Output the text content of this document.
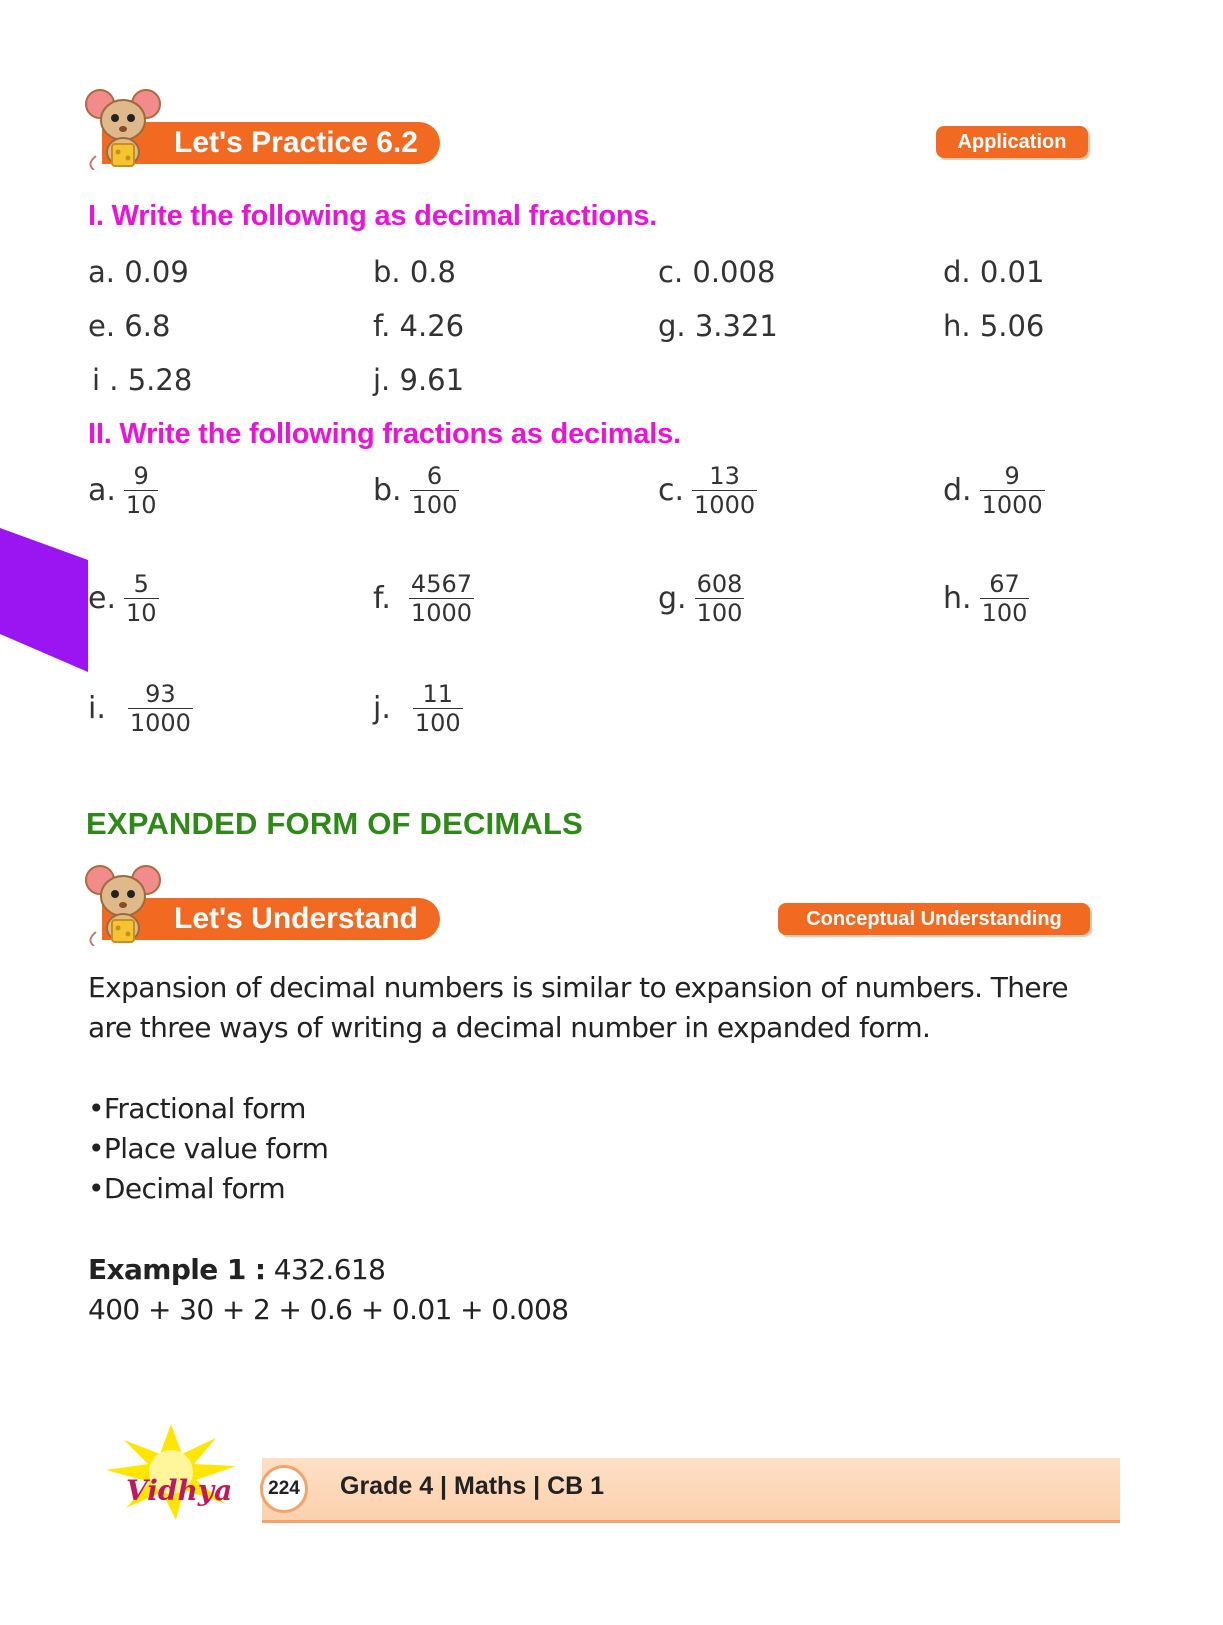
Let's Practice 6.2	Application
I. Write the following as decimal fractions.
a. 0.09	b. 0.8	c. 0.008	d. 0.01
e. 6.8	f. 4.26	g. 3.321	h. 5.06
i . 5.28	j. 9.61
II. Write the following fractions as decimals.
a. $\frac{9}{10}$	b. $\frac{6}{100}$	c. $\frac{13}{1000}$	d. $\frac{9}{1000}$
e. $\frac{5}{10}$	f. $\frac{4567}{1000}$	g. $\frac{608}{100}$	h. $\frac{67}{100}$
i. $\frac{93}{1000}$	j. $\frac{11}{100}$
EXPANDED FORM OF DECIMALS
Let's Understand	Conceptual Understanding
Expansion of decimal numbers is similar to expansion of numbers. There
are three ways of writing a decimal number in expanded form.
•Fractional form
•Place value form
•Decimal form
Example 1 : 432.618
400 + 30 + 2 + 0.6 + 0.01 + 0.008
Vidhya	224	Grade 4 | Maths | CB 1
